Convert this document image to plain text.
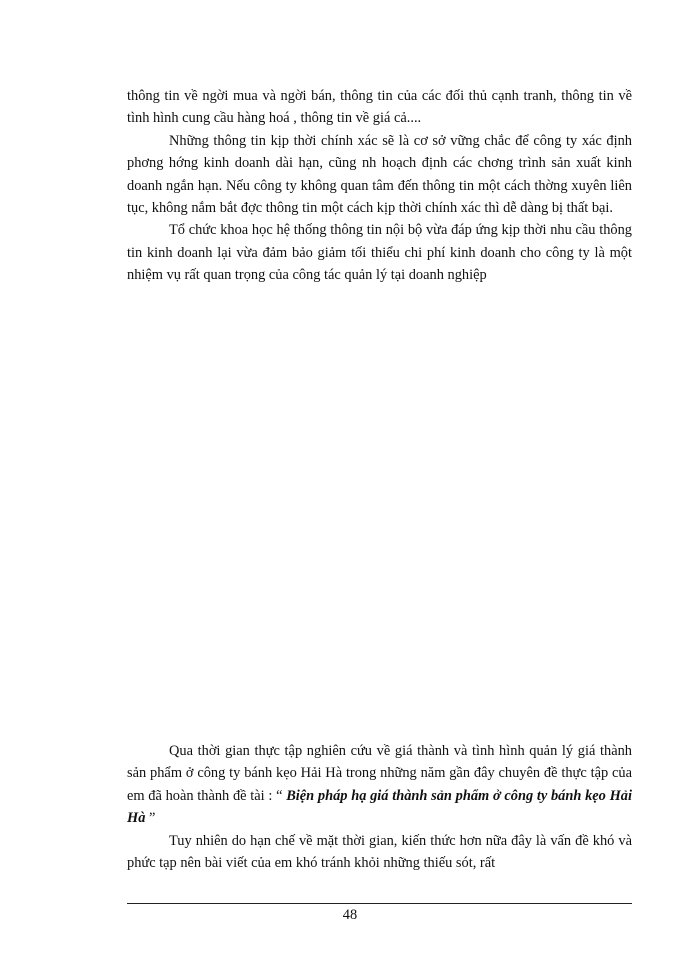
thông tin về ngời mua và ngời bán, thông tin của các đối thủ cạnh tranh, thông tin về tình hình cung cầu hàng hoá , thông tin về giá cả....

Những thông tin kịp thời chính xác sẽ là cơ sở vững chắc để công ty xác định phơng hớng kinh doanh dài hạn, cũng nh hoạch định các chơng trình sản xuất kinh doanh ngắn hạn. Nếu công ty không quan tâm đến thông tin một cách thờng xuyên liên tục, không nắm bắt đợc thông tin một cách kịp thời chính xác thì dễ dàng bị thất bại.

Tổ chức khoa học hệ thống thông tin nội bộ vừa đáp ứng kịp thời nhu cầu thông tin kinh doanh lại vừa đảm bảo giảm tối thiểu chi phí kinh doanh cho công ty là một nhiệm vụ rất quan trọng của công tác quản lý tại doanh nghiệp

Qua thời gian thực tập nghiên cứu về giá thành và tình hình quản lý giá thành sản phẩm ở công ty bánh kẹo Hải Hà trong những năm gần đây chuyên đề thực tập của em đã hoàn thành đề tài : “ Biện pháp hạ giá thành sản phẩm ở công ty bánh kẹo Hải Hà ”

Tuy nhiên do hạn chế về mặt thời gian, kiến thức hơn nữa đây là vấn đề khó và phức tạp nên bài viết của em khó tránh khỏi những thiếu sót, rất

48
